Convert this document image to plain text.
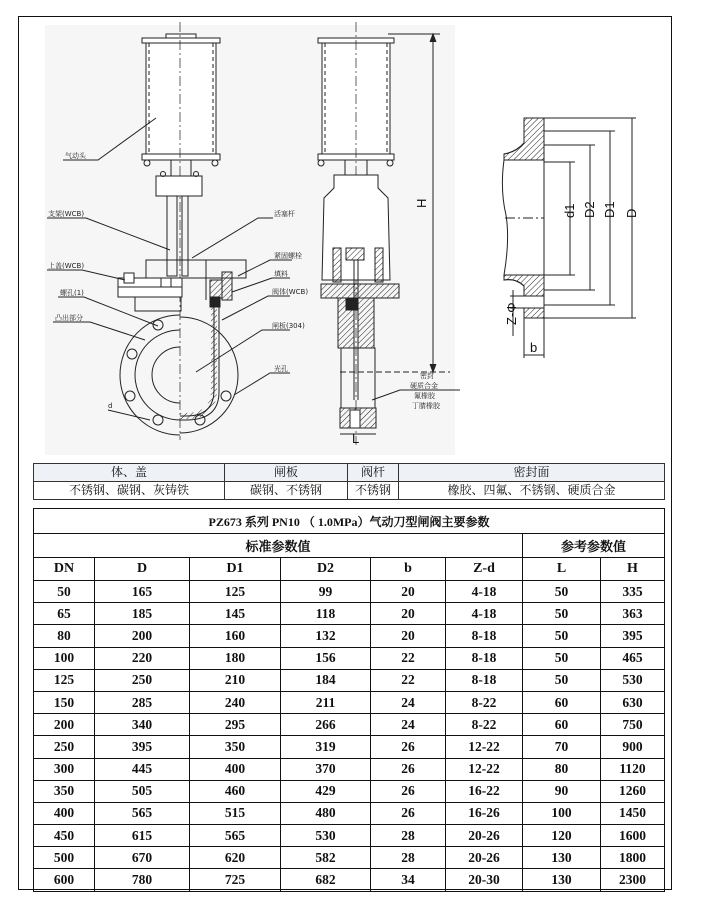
气动头
支架(WCB)
上盖(WCB)
螺孔(1)
凸出部分
d
活塞杆
紧固螺栓
填料
阀体(WCB)
闸板(304)
光孔
H
L
密封
硬质合金
氟橡胶
丁腈橡胶
d1 D2 D1 D
Z-Φ
b
体、盖	闸板	阀杆	密封面
不锈钢、碳钢、灰铸铁	碳钢、不锈钢	不锈钢	橡胶、四氟、不锈钢、硬质合金
PZ673 系列 PN10 （ 1.0MPa）气动刀型闸阀主要参数							
标准参数值						参考参数值	
DN	D	D1	D2	b	Z-d	L	H
50	165	125	99	20	4-18	50	335
65	185	145	118	20	4-18	50	363
80	200	160	132	20	8-18	50	395
100	220	180	156	22	8-18	50	465
125	250	210	184	22	8-18	50	530
150	285	240	211	24	8-22	60	630
200	340	295	266	24	8-22	60	750
250	395	350	319	26	12-22	70	900
300	445	400	370	26	12-22	80	1120
350	505	460	429	26	16-22	90	1260
400	565	515	480	26	16-26	100	1450
450	615	565	530	28	20-26	120	1600
500	670	620	582	28	20-26	130	1800
600	780	725	682	34	20-30	130	2300
